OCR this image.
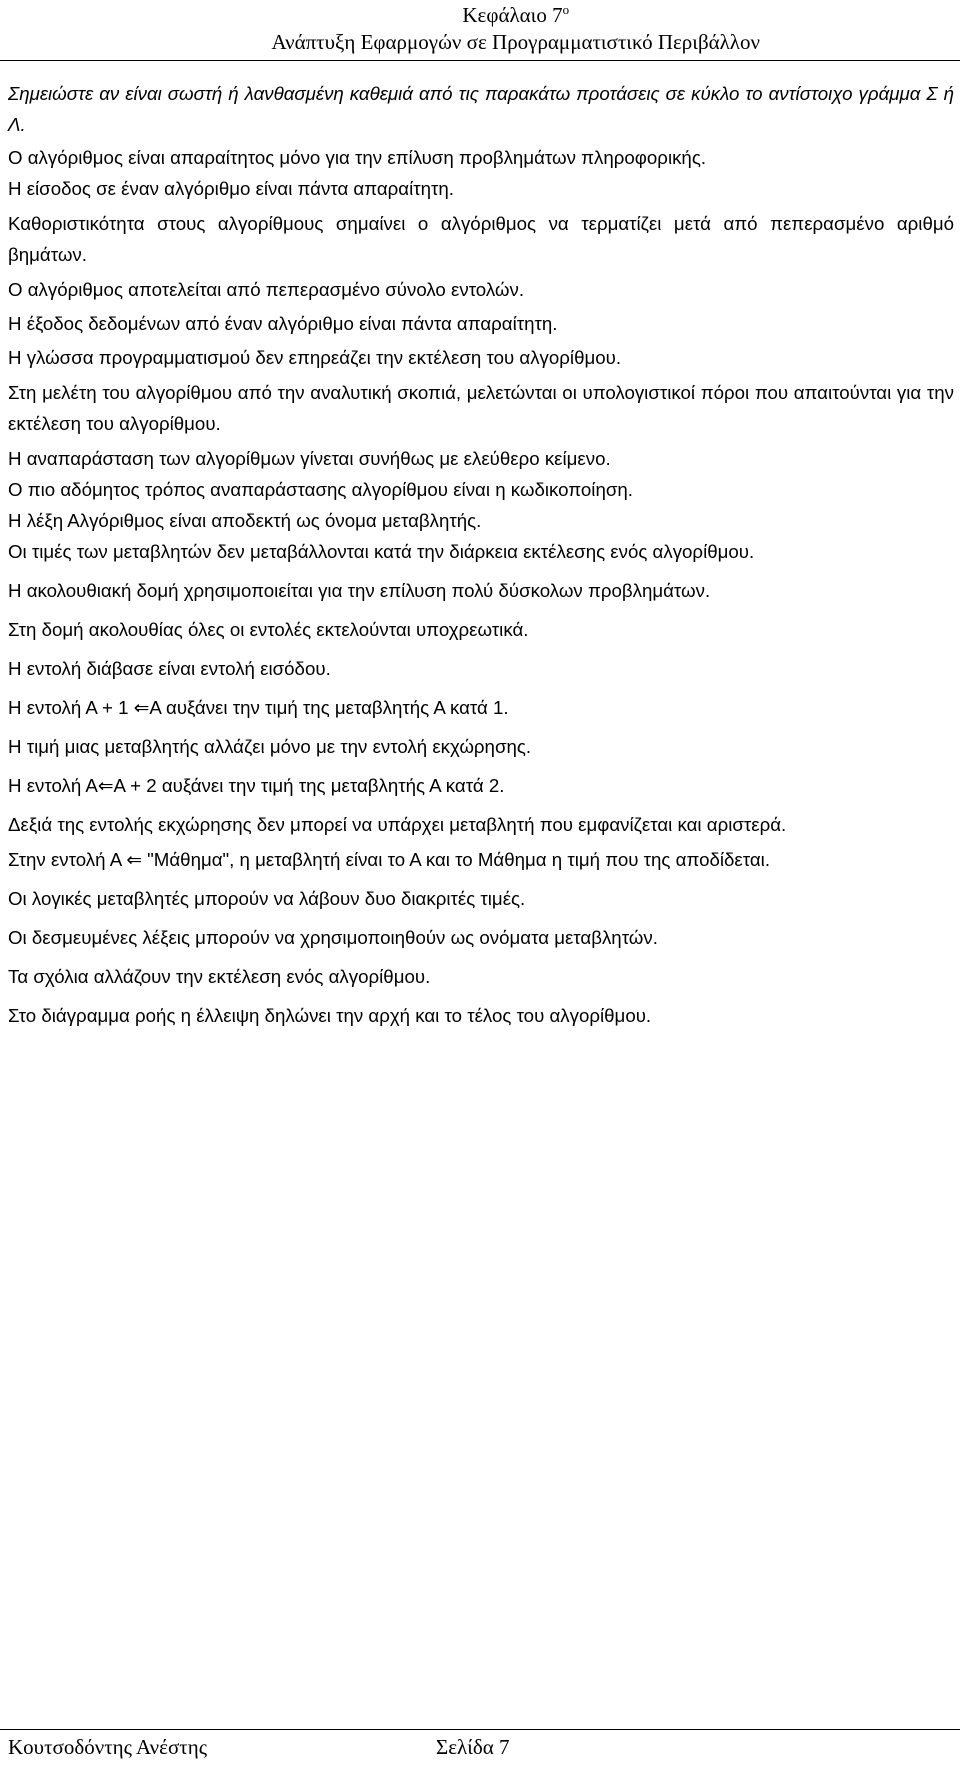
Κεφάλαιο $7^o$
Ανάπτυξη Εφαρμογών σε Προγραμματιστικό Περιβάλλον

Σημειώστε αν είναι σωστή ή λανθασμένη καθεμιά από τις παρακάτω προτάσεις σε κύκλο το αντίστοιχο γράμμα Σ ή Λ.

Ο αλγόριθμος είναι απαραίτητος μόνο για την επίλυση προβλημάτων πληροφορικής.

Η είσοδος σε έναν αλγόριθμο είναι πάντα απαραίτητη.

Καθοριστικότητα στους αλγορίθμους σημαίνει ο αλγόριθμος να τερματίζει μετά από πεπερασμένο αριθμό βημάτων.

Ο αλγόριθμος αποτελείται από πεπερασμένο σύνολο εντολών.

Η έξοδος δεδομένων από έναν αλγόριθμο είναι πάντα απαραίτητη.

Η γλώσσα προγραμματισμού δεν επηρεάζει την εκτέλεση του αλγορίθμου.

Στη μελέτη του αλγορίθμου από την αναλυτική σκοπιά, μελετώνται οι υπολογιστικοί πόροι που απαιτούνται για την εκτέλεση του αλγορίθμου.

Η αναπαράσταση των αλγορίθμων γίνεται συνήθως με ελεύθερο κείμενο.

Ο πιο αδόμητος τρόπος αναπαράστασης αλγορίθμου είναι η κωδικοποίηση.

Η λέξη Αλγόριθμος είναι αποδεκτή ως όνομα μεταβλητής.

Οι τιμές των μεταβλητών δεν μεταβάλλονται κατά την διάρκεια εκτέλεσης ενός αλγορίθμου.

Η ακολουθιακή δομή χρησιμοποιείται για την επίλυση πολύ δύσκολων προβλημάτων.

Στη δομή ακολουθίας όλες οι εντολές εκτελούνται υποχρεωτικά.

Η εντολή διάβασε είναι εντολή εισόδου.

Η εντολή Α + 1 ⇐Α αυξάνει την τιμή της μεταβλητής Α κατά 1.

Η τιμή μιας μεταβλητής αλλάζει μόνο με την εντολή εκχώρησης.

Η εντολή Α⇐Α + 2 αυξάνει την τιμή της μεταβλητής Α κατά 2.

Δεξιά της εντολής εκχώρησης δεν μπορεί να υπάρχει μεταβλητή που εμφανίζεται και αριστερά.

Στην εντολή Α ⇐ "Μάθημα", η μεταβλητή είναι το Α και το Μάθημα η τιμή που της αποδίδεται.

Οι λογικές μεταβλητές μπορούν να λάβουν δυο διακριτές τιμές.

Οι δεσμευμένες λέξεις μπορούν να χρησιμοποιηθούν ως ονόματα μεταβλητών.

Τα σχόλια αλλάζουν την εκτέλεση ενός αλγορίθμου.

Στο διάγραμμα ροής η έλλειψη δηλώνει την αρχή και το τέλος του αλγορίθμου.

Κουτσοδόντης Ανέστης	Σελίδα 7
